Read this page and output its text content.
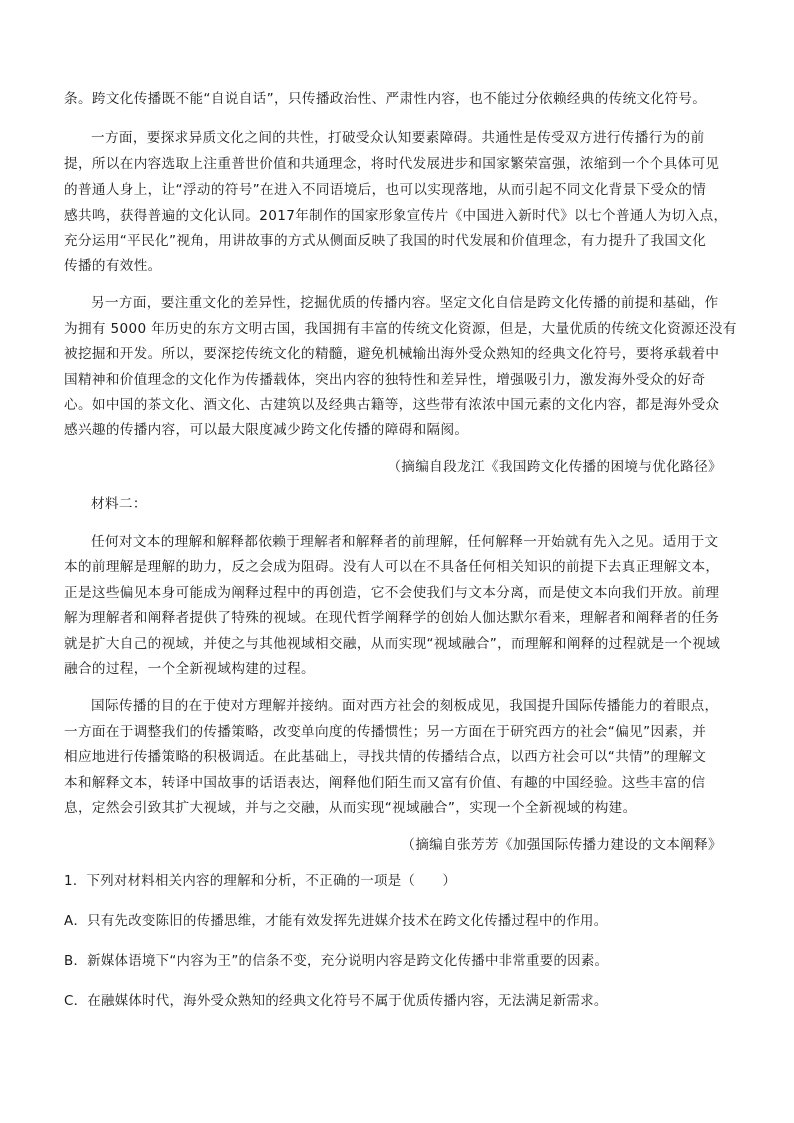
条。跨文化传播既不能“自说自话”，只传播政治性、严肃性内容，也不能过分依赖经典的传统文化符号。
一方面，要探求异质文化之间的共性，打破受众认知要素障碍。共通性是传受双方进行传播行为的前
提，所以在内容选取上注重普世价值和共通理念，将时代发展进步和国家繁荣富强，浓缩到一个个具体可见
的普通人身上，让“浮动的符号”在进入不同语境后，也可以实现落地，从而引起不同文化背景下受众的情
感共鸣，获得普遍的文化认同。2017年制作的国家形象宣传片《中国进入新时代》以七个普通人为切入点，
充分运用“平民化”视角，用讲故事的方式从侧面反映了我国的时代发展和价值理念，有力提升了我国文化
传播的有效性。
另一方面，要注重文化的差异性，挖掘优质的传播内容。坚定文化自信是跨文化传播的前提和基础，作
为拥有 5000 年历史的东方文明古国，我国拥有丰富的传统文化资源，但是，大量优质的传统文化资源还没有
被挖掘和开发。所以，要深挖传统文化的精髓，避免机械输出海外受众熟知的经典文化符号，要将承载着中
国精神和价值理念的文化作为传播载体，突出内容的独特性和差异性，增强吸引力，激发海外受众的好奇
心。如中国的茶文化、酒文化、古建筑以及经典古籍等，这些带有浓浓中国元素的文化内容，都是海外受众
感兴趣的传播内容，可以最大限度减少跨文化传播的障碍和隔阂。
（摘编自段龙江《我国跨文化传播的困境与优化路径》
材料二：
任何对文本的理解和解释都依赖于理解者和解释者的前理解，任何解释一开始就有先入之见。适用于文
本的前理解是理解的助力，反之会成为阻碍。没有人可以在不具备任何相关知识的前提下去真正理解文本，
正是这些偏见本身可能成为阐释过程中的再创造，它不会使我们与文本分离，而是使文本向我们开放。前理
解为理解者和阐释者提供了特殊的视域。在现代哲学阐释学的创始人伽达默尔看来，理解者和阐释者的任务
就是扩大自己的视域，并使之与其他视域相交融，从而实现“视域融合”，而理解和阐释的过程就是一个视域
融合的过程，一个全新视域构建的过程。
国际传播的目的在于使对方理解并接纳。面对西方社会的刻板成见，我国提升国际传播能力的着眼点，
一方面在于调整我们的传播策略，改变单向度的传播惯性；另一方面在于研究西方的社会“偏见”因素，并
相应地进行传播策略的积极调适。在此基础上，寻找共情的传播结合点，以西方社会可以“共情”的理解文
本和解释文本，转译中国故事的话语表达，阐释他们陌生而又富有价值、有趣的中国经验。这些丰富的信
息，定然会引致其扩大视域，并与之交融，从而实现“视域融合”，实现一个全新视域的构建。
（摘编自张芳芳《加强国际传播力建设的文本阐释》
1．下列对材料相关内容的理解和分析，不正确的一项是（　　）
A．只有先改变陈旧的传播思维，才能有效发挥先进媒介技术在跨文化传播过程中的作用。
B．新媒体语境下“内容为王”的信条不变，充分说明内容是跨文化传播中非常重要的因素。
C．在融媒体时代，海外受众熟知的经典文化符号不属于优质传播内容，无法满足新需求。
